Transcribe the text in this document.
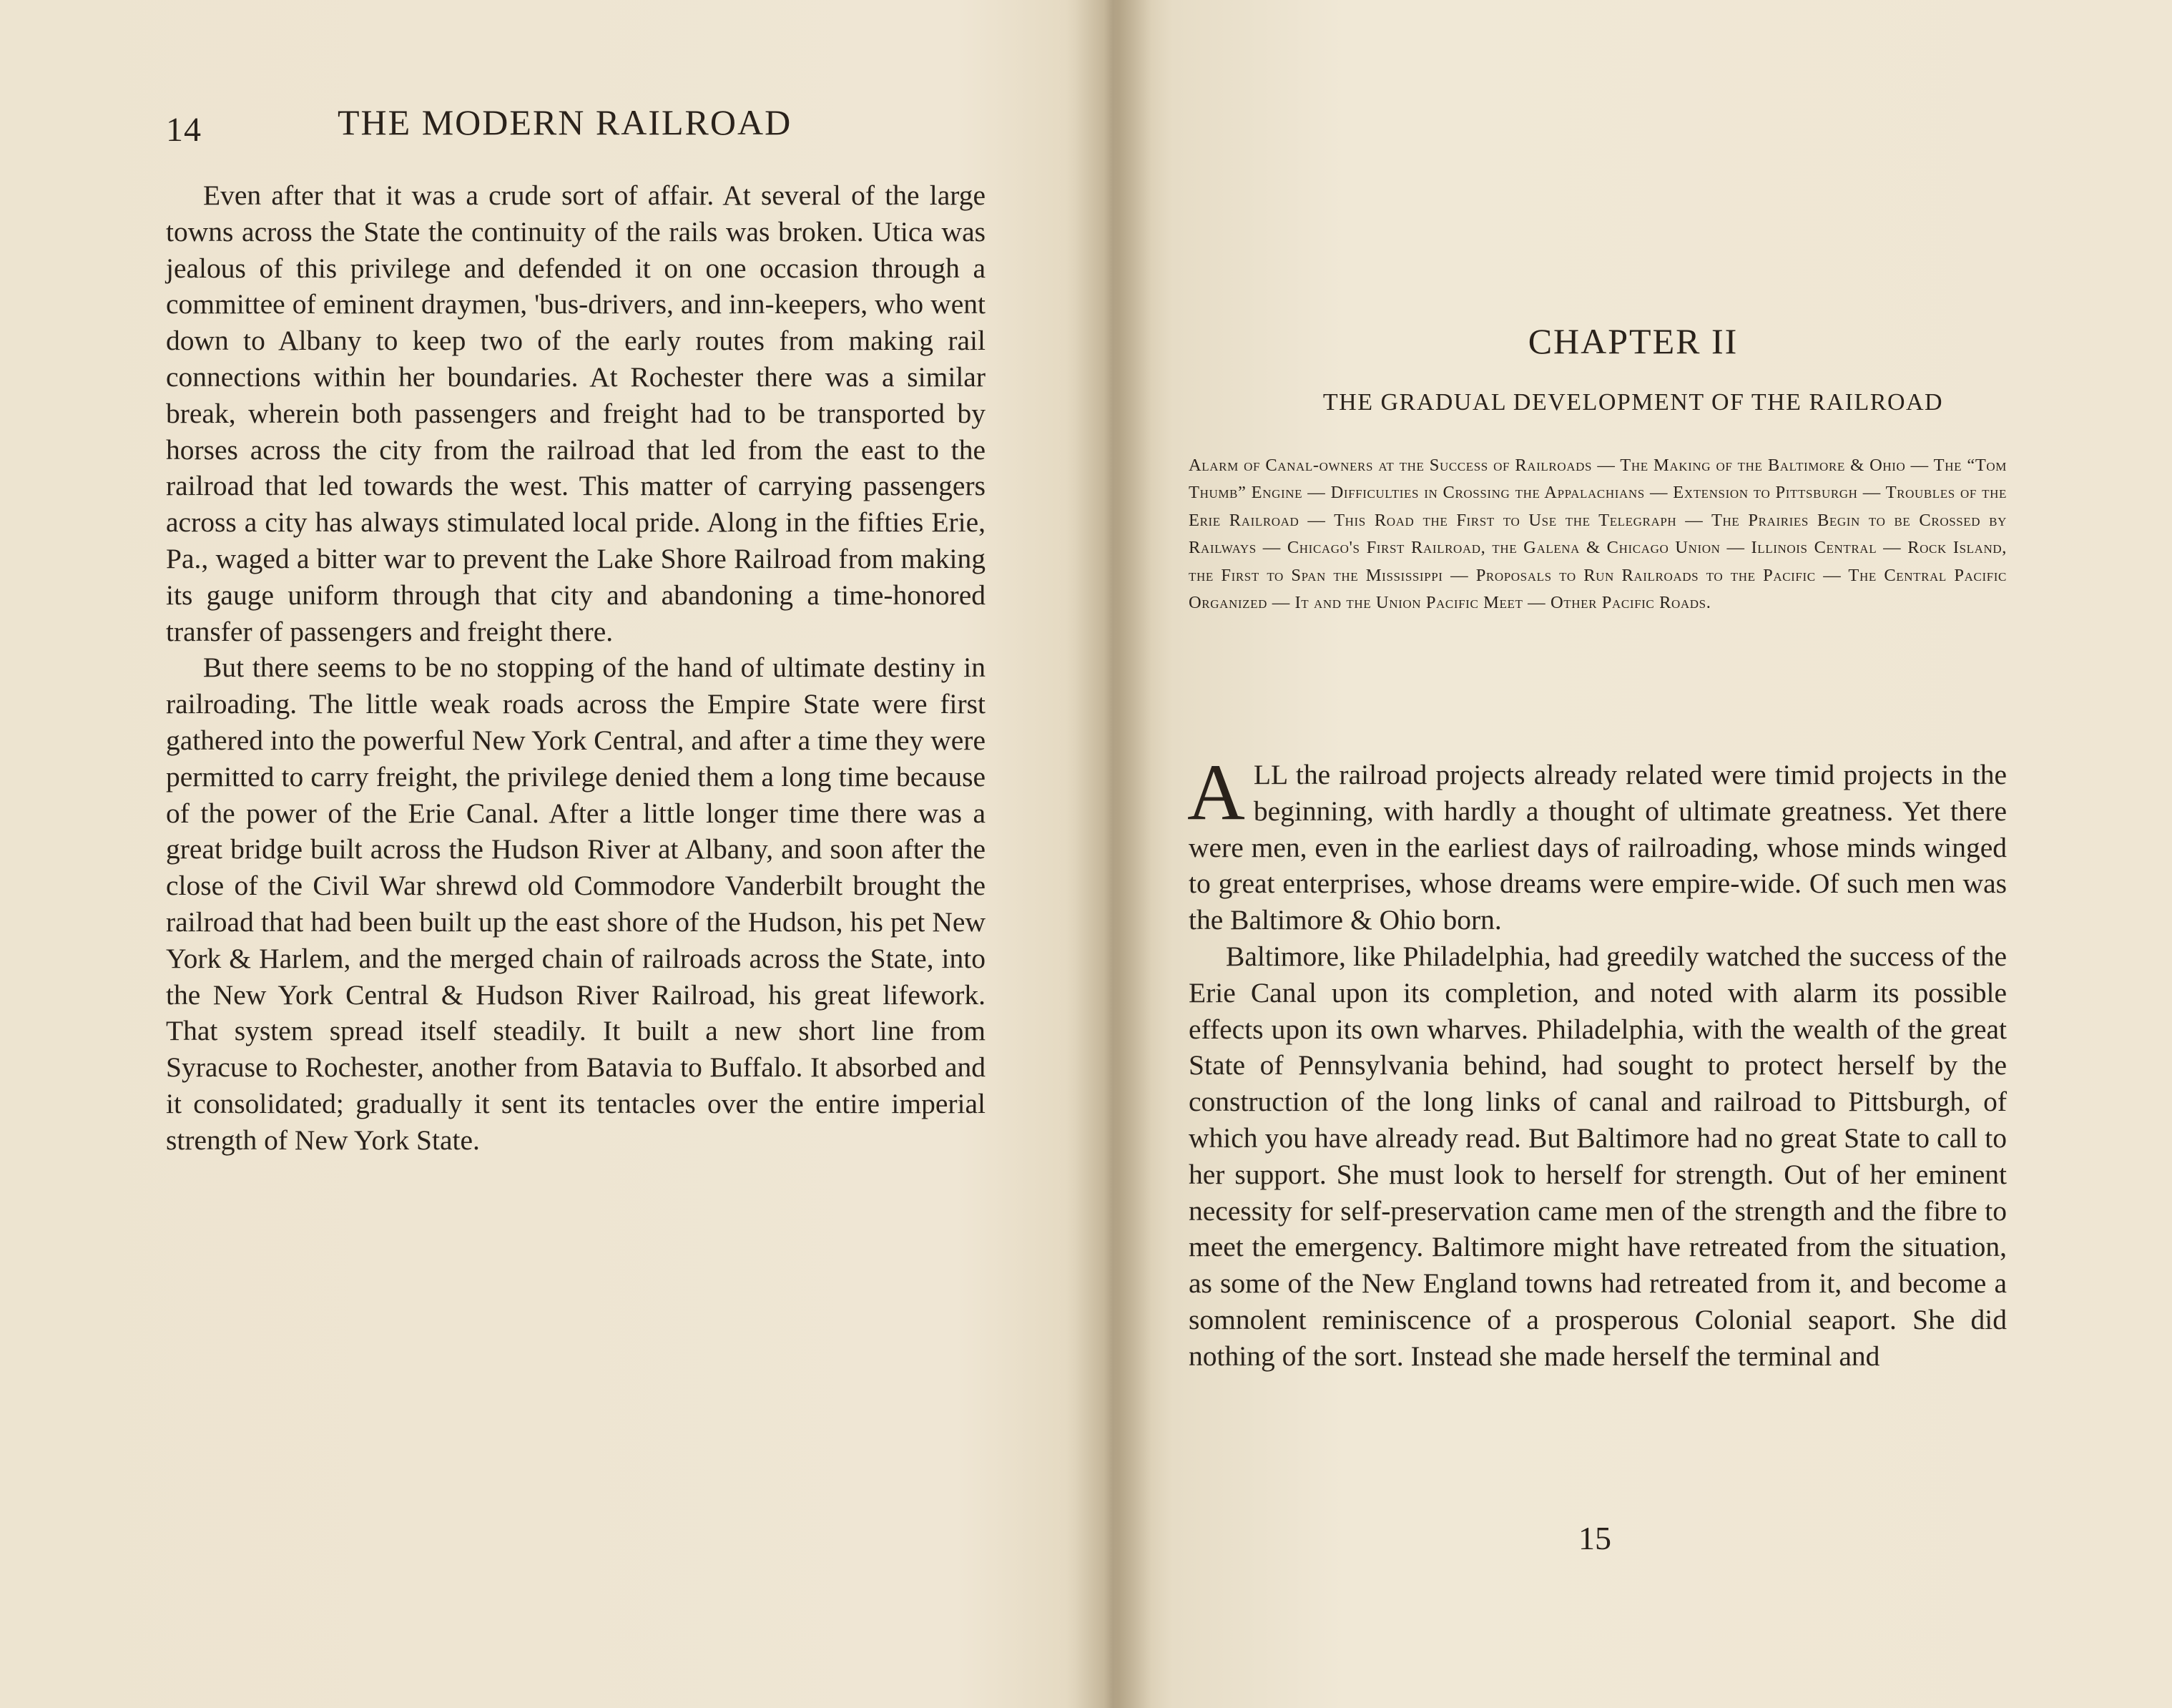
14	THE MODERN RAILROAD

Even after that it was a crude sort of affair. At several of the large towns across the State the continuity of the rails was broken. Utica was jealous of this privilege and defended it on one occasion through a committee of eminent draymen, 'bus-drivers, and inn-keepers, who went down to Albany to keep two of the early routes from making rail connections within her boundaries. At Rochester there was a similar break, wherein both passengers and freight had to be transported by horses across the city from the railroad that led from the east to the railroad that led towards the west. This matter of carrying passengers across a city has always stimulated local pride. Along in the fifties Erie, Pa., waged a bitter war to prevent the Lake Shore Railroad from making its gauge uniform through that city and abandoning a time-honored transfer of passengers and freight there.

But there seems to be no stopping of the hand of ultimate destiny in railroading. The little weak roads across the Empire State were first gathered into the powerful New York Central, and after a time they were permitted to carry freight, the privilege denied them a long time because of the power of the Erie Canal. After a little longer time there was a great bridge built across the Hudson River at Albany, and soon after the close of the Civil War shrewd old Commodore Vanderbilt brought the railroad that had been built up the east shore of the Hudson, his pet New York & Harlem, and the merged chain of railroads across the State, into the New York Central & Hudson River Railroad, his great lifework. That system spread itself steadily. It built a new short line from Syracuse to Rochester, another from Batavia to Buffalo. It absorbed and it consolidated; gradually it sent its tentacles over the entire imperial strength of New York State.

CHAPTER II
THE GRADUAL DEVELOPMENT OF THE RAILROAD
Alarm of Canal-owners at the Success of Railroads — The Making of the Baltimore & Ohio — The “Tom Thumb” Engine — Difficulties in Crossing the Appalachians — Extension to Pittsburgh — Troubles of the Erie Railroad — This Road the First to Use the Telegraph — The Prairies Begin to be Crossed by Railways — Chicago's First Railroad, the Galena & Chicago Union — Illinois Central — Rock Island, the First to Span the Mississippi — Proposals to Run Railroads to the Pacific — The Central Pacific Organized — It and the Union Pacific Meet — Other Pacific Roads.

ALL the railroad projects already related were timid projects in the beginning, with hardly a thought of ultimate greatness. Yet there were men, even in the earliest days of railroading, whose minds winged to great enterprises, whose dreams were empire-wide. Of such men was the Baltimore & Ohio born.

Baltimore, like Philadelphia, had greedily watched the success of the Erie Canal upon its completion, and noted with alarm its possible effects upon its own wharves. Philadelphia, with the wealth of the great State of Pennsylvania behind, had sought to protect herself by the construction of the long links of canal and railroad to Pittsburgh, of which you have already read. But Baltimore had no great State to call to her support. She must look to herself for strength. Out of her eminent necessity for self-preservation came men of the strength and the fibre to meet the emergency. Baltimore might have retreated from the situation, as some of the New England towns had retreated from it, and become a somnolent reminiscence of a prosperous Colonial seaport. She did nothing of the sort. Instead she made herself the terminal and

15
